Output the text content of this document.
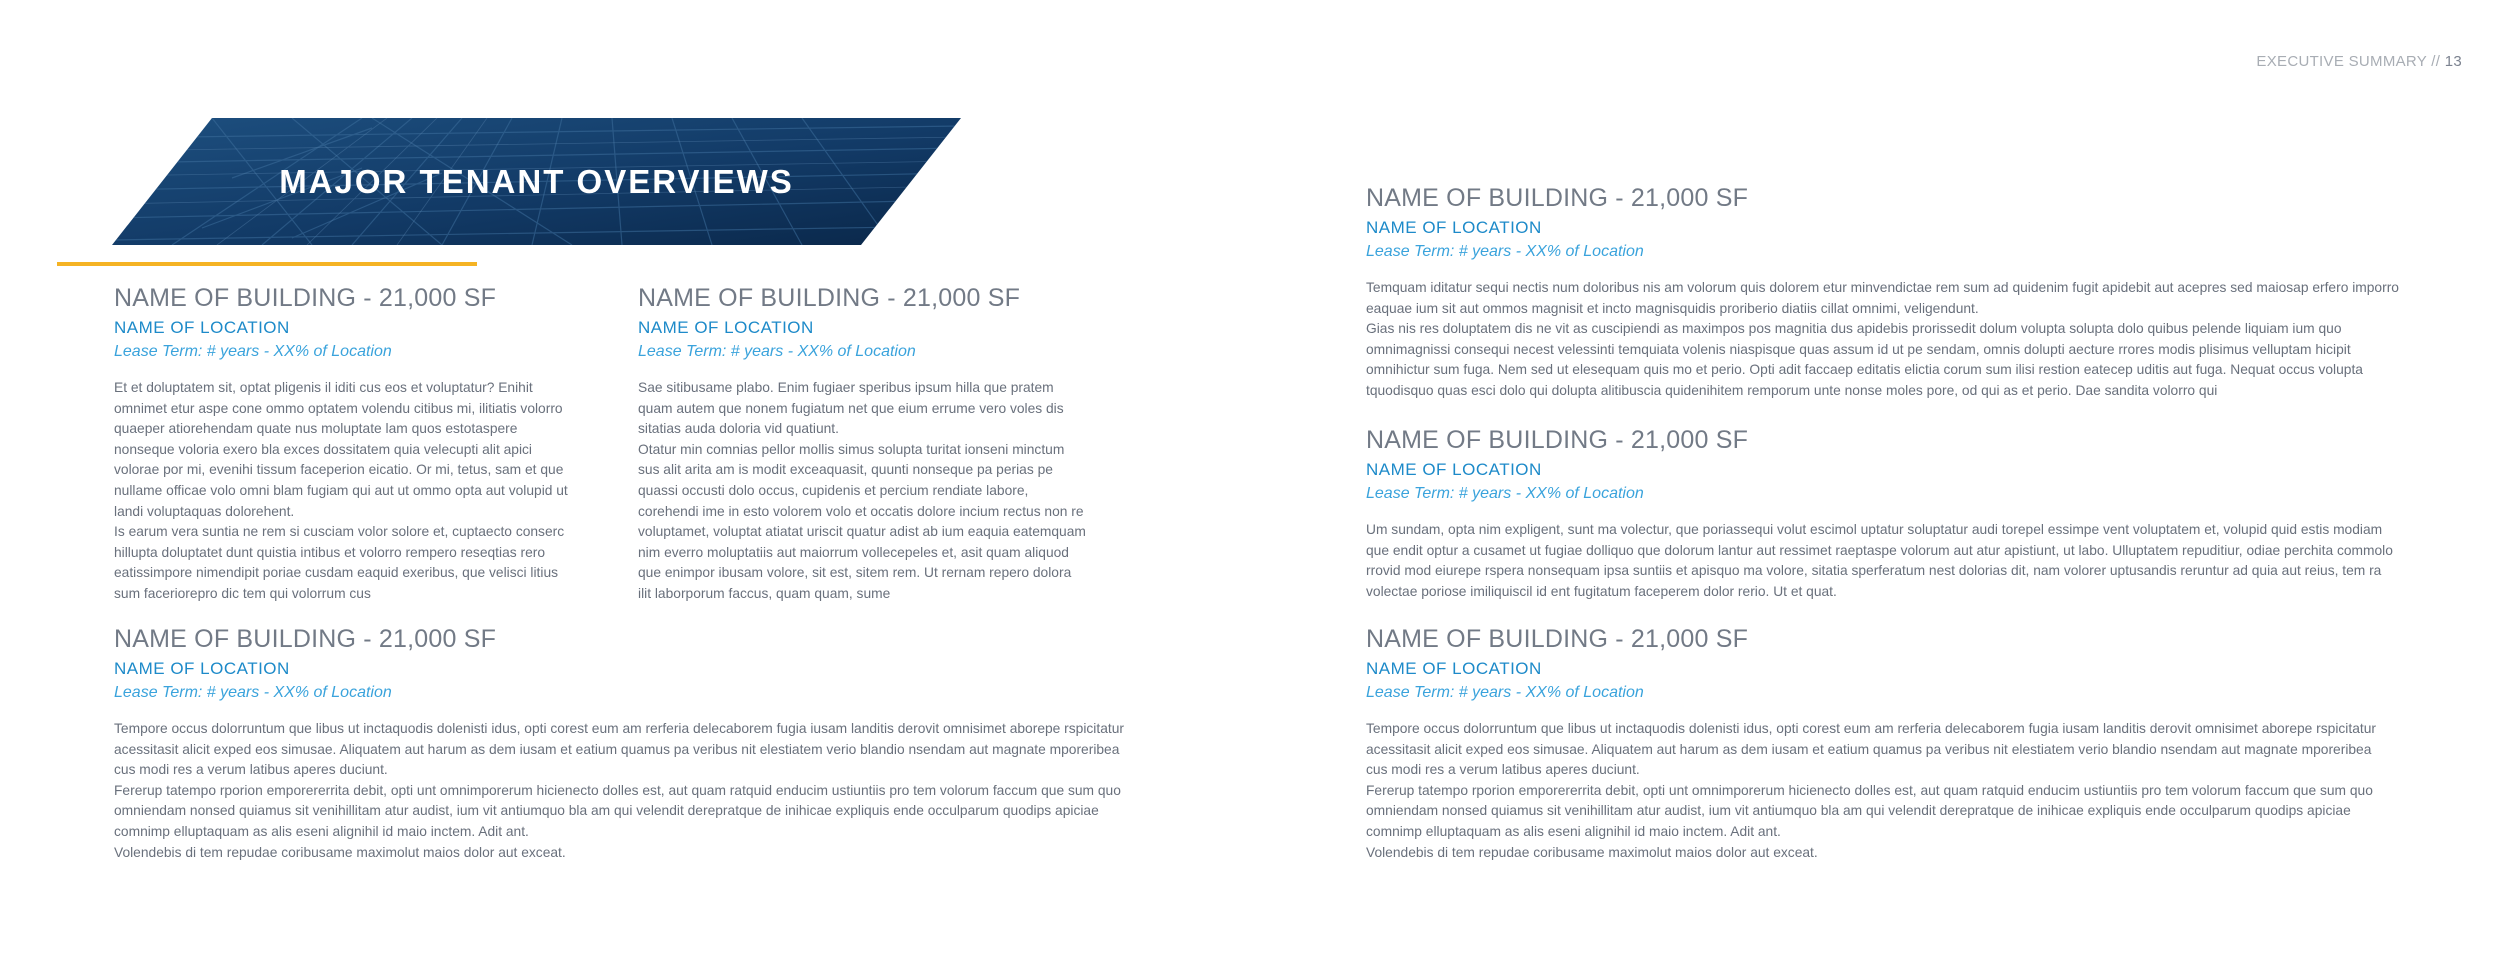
EXECUTIVE SUMMARY // 13
MAJOR TENANT OVERVIEWS
NAME OF BUILDING - 21,000 SF
NAME OF LOCATION
Lease Term: # years - XX% of Location

Et et doluptatem sit, optat pligenis il iditi cus eos et voluptatur? Enihit omnimet etur aspe cone ommo optatem volendu citibus mi, ilitiatis volorro quaeper atiorehendam quate nus moluptate lam quos estotaspere nonseque voloria exero bla exces dossitatem quia velecupti alit apici volorae por mi, evenihi tissum faceperion eicatio. Or mi, tetus, sam et que nullame officae volo omni blam fugiam qui aut ut ommo opta aut volupid ut landi voluptaquas dolorehent.

Is earum vera suntia ne rem si cusciam volor solore et, cuptaecto conserc hillupta doluptatet dunt quistia intibus et volorro rempero reseqtias rero eatissimpore nimendipit poriae cusdam eaquid exeribus, que velisci litius sum facerioreprо dic tem qui volorrum cus

NAME OF BUILDING - 21,000 SF
NAME OF LOCATION
Lease Term: # years - XX% of Location

Sae sitibusame plabo. Enim fugiaer speribus ipsum hilla que pratem quam autem que nonem fugiatum net que eium errume vero voles dis sitatias auda doloria vid quatiunt.

Otatur min comnias pellor mollis simus solupta turitat ionseni minctum sus alit arita am is modit exceaquasit, quunti nonseque pa perias pe quassi occusti dolo occus, cupidenis et percium rendiate labore, corehendi ime in esto volorem volo et occatis dolore incium rectus non re voluptamet, voluptat atiatat uriscit quatur adist ab ium eaquia eatemquam nim everro moluptatiis aut maiorrum vollecepeles et, asit quam aliquod que enimpor ibusam volore, sit est, sitem rem. Ut rernam repero dolora ilit laborporum faccus, quam quam, sume

NAME OF BUILDING - 21,000 SF
NAME OF LOCATION
Lease Term: # years - XX% of Location

Tempore occus dolorruntum que libus ut inctaquodis dolenisti idus, opti corest eum am rerferia delecaborem fugia iusam landitis derovit omnisimet aborepe rspicitatur acessitasit alicit exped eos simusae. Aliquatem aut harum as dem iusam et eatium quamus pa veribus nit elestiatem verio blandio nsendam aut magnate mporeribea cus modi res a verum latibus aperes duciunt.

Fererup tatempo rporion emporererrita debit, opti unt omnimporerum hicienecto dolles est, aut quam ratquid enducim ustiuntiis pro tem volorum faccum que sum quo omniendam nonsed quiamus sit venihillitam atur audist, ium vit antiumquo bla am qui velendit derepratque de inihicae expliquis ende occulparum quodips apiciae comnimp elluptaquam as alis eseni alignihil id maio inctem. Adit ant.

Volendebis di tem repudae coribusame maximolut maios dolor aut exceat.

NAME OF BUILDING - 21,000 SF
NAME OF LOCATION
Lease Term: # years - XX% of Location

Temquam iditatur sequi nectis num doloribus nis am volorum quis dolorem etur minvendictae rem sum ad quidenim fugit apidebit aut acepres sed maiosap erfero imporro eaquae ium sit aut ommos magnisit et incto magnisquidis proriberio diatiis cillat omnimi, veligendunt.

Gias nis res doluptatem dis ne vit as cuscipiendi as maximpos pos magnitia dus apidebis prorissedit dolum volupta solupta dolo quibus pelende liquiam ium quo omnimagnissi consequi necest velessinti temquiata volenis niaspisque quas assum id ut pe sendam, omnis dolupti aecture rrores modis plisimus velluptam hicipit omnihictur sum fuga. Nem sed ut elesequam quis mo et perio. Opti adit faccaep editatis elictia corum sum ilisi restion eatecep uditis aut fuga. Nequat occus volupta tquodisquo quas esci dolo qui dolupta alitibuscia quidenihitem remporum unte nonse moles pore, od qui as et perio. Dae sandita volorro qui

NAME OF BUILDING - 21,000 SF
NAME OF LOCATION
Lease Term: # years - XX% of Location

Um sundam, opta nim expligent, sunt ma volectur, que poriassequi volut escimol uptatur soluptatur audi torepel essimpe vent voluptatem et, volupid quid estis modiam que endit optur a cusamet ut fugiae dolliquo que dolorum lantur aut ressimet raeptaspe volorum aut atur apistiunt, ut labo. Ulluptatem repuditiur, odiae perchita commolo rrovid mod eiurepe rspera nonsequam ipsa suntiis et apisquo ma volore, sitatia sperferatum nest dolorias dit, nam volorer uptusandis reruntur ad quia aut reius, tem ra volectae poriose imiliquiscil id ent fugitatum faceperem dolor rerio. Ut et quat.

NAME OF BUILDING - 21,000 SF
NAME OF LOCATION
Lease Term: # years - XX% of Location

Tempore occus dolorruntum que libus ut inctaquodis dolenisti idus, opti corest eum am rerferia delecaborem fugia iusam landitis derovit omnisimet aborepe rspicitatur acessitasit alicit exped eos simusae. Aliquatem aut harum as dem iusam et eatium quamus pa veribus nit elestiatem verio blandio nsendam aut magnate mporeribea cus modi res a verum latibus aperes duciunt.

Fererup tatempo rporion emporererrita debit, opti unt omnimporerum hicienecto dolles est, aut quam ratquid enducim ustiuntiis pro tem volorum faccum que sum quo omniendam nonsed quiamus sit venihillitam atur audist, ium vit antiumquo bla am qui velendit derepratque de inihicae expliquis ende occulparum quodips apiciae comnimp elluptaquam as alis eseni alignihil id maio inctem. Adit ant.

Volendebis di tem repudae coribusame maximolut maios dolor aut exceat.
